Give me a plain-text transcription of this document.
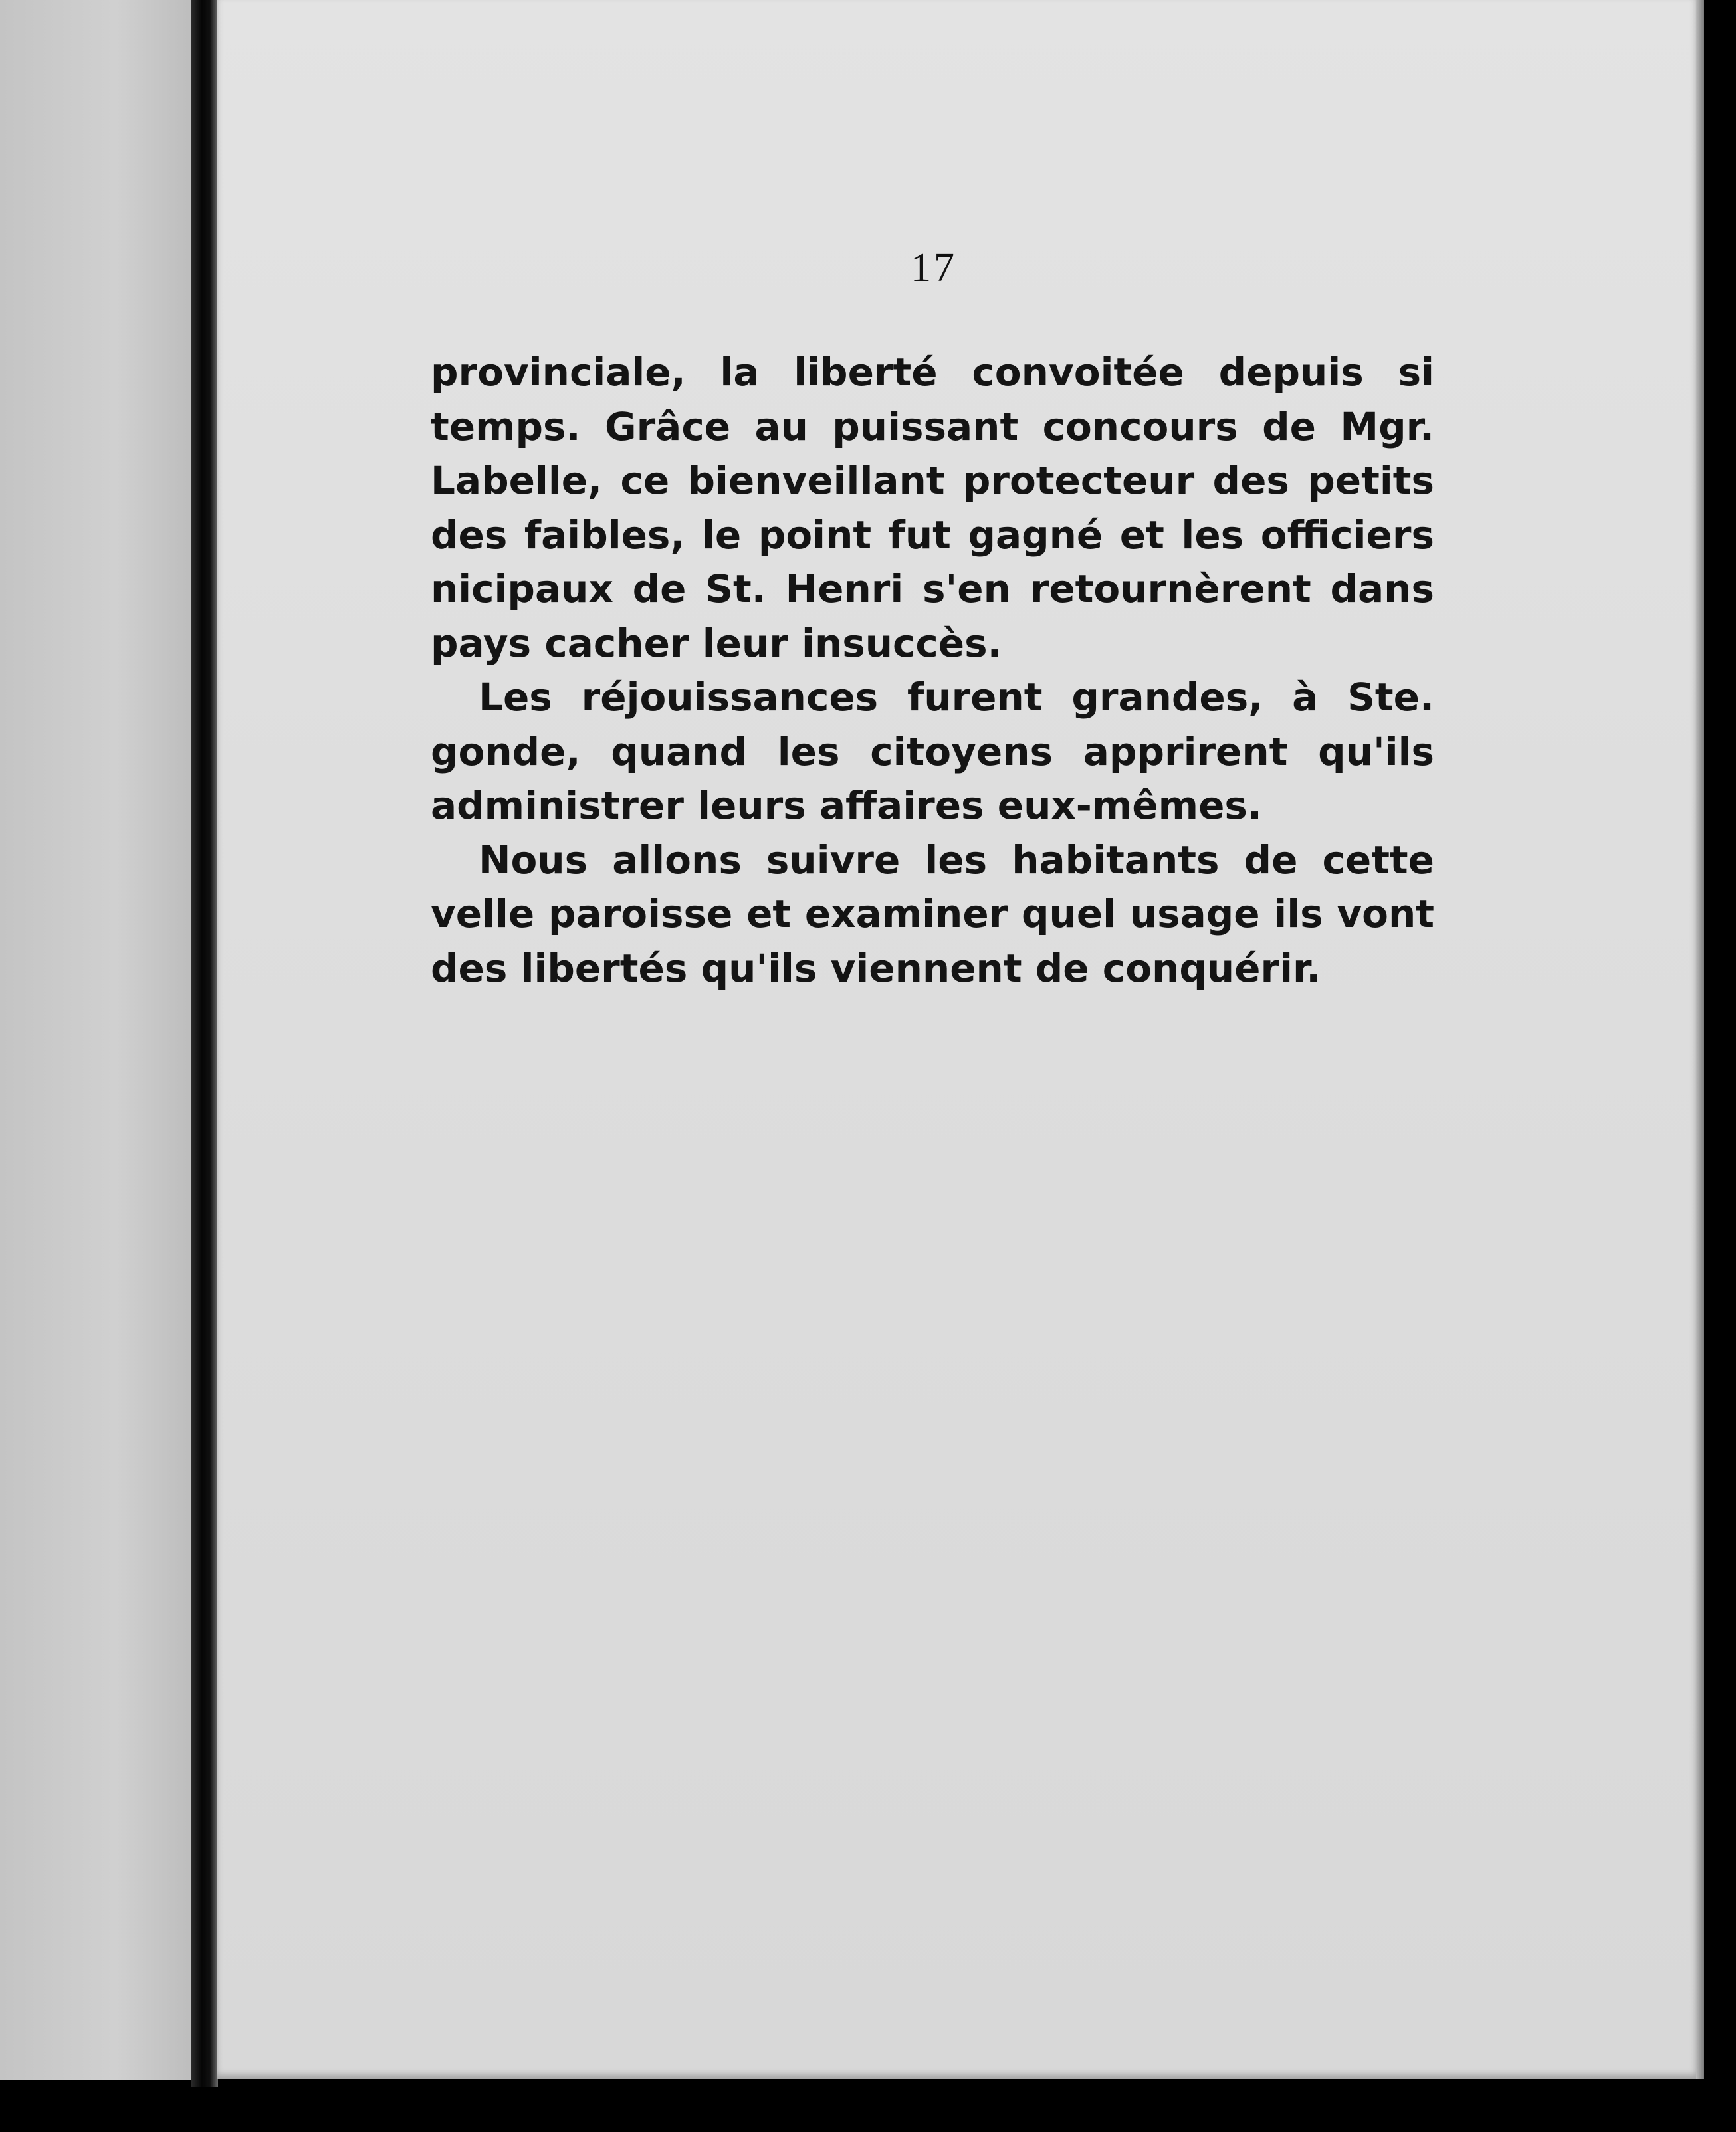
17
provinciale, la liberté convoitée depuis si
temps. Grâce au puissant concours de Mgr.
Labelle, ce bienveillant protecteur des petits
des faibles, le point fut gagné et les officiers
nicipaux de St. Henri s'en retournèrent dans
pays cacher leur insuccès.
Les réjouissances furent grandes, à Ste.
gonde, quand les citoyens apprirent qu'ils
administrer leurs affaires eux-mêmes.
Nous allons suivre les habitants de cette
velle paroisse et examiner quel usage ils vont
des libertés qu'ils viennent de conquérir.
